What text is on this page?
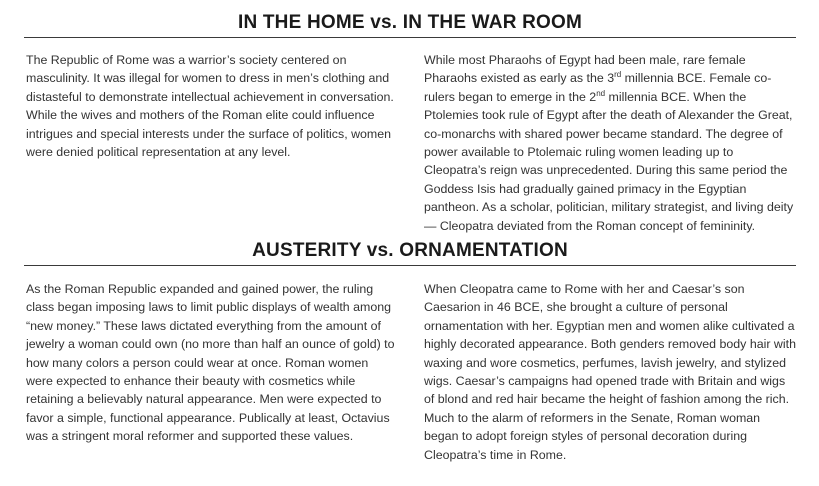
IN THE HOME vs. IN THE WAR ROOM

The Republic of Rome was a warrior’s society centered on masculinity. It was illegal for women to dress in men’s clothing and distasteful to demonstrate intellectual achievement in conversation. While the wives and mothers of the Roman elite could influence intrigues and special interests under the surface of politics, women were denied political representation at any level.

While most Pharaohs of Egypt had been male, rare female Pharaohs existed as early as the 3rd millennia BCE. Female co-rulers began to emerge in the 2nd millennia BCE. When the Ptolemies took rule of Egypt after the death of Alexander the Great, co-monarchs with shared power became standard. The degree of power available to Ptolemaic ruling women leading up to Cleopatra’s reign was unprecedented. During this same period the Goddess Isis had gradually gained primacy in the Egyptian pantheon. As a scholar, politician, military strategist, and living deity — Cleopatra deviated from the Roman concept of femininity.

AUSTERITY vs. ORNAMENTATION

As the Roman Republic expanded and gained power, the ruling class began imposing laws to limit public displays of wealth among “new money.” These laws dictated everything from the amount of jewelry a woman could own (no more than half an ounce of gold) to how many colors a person could wear at once. Roman women were expected to enhance their beauty with cosmetics while retaining a believably natural appearance. Men were expected to favor a simple, functional appearance. Publically at least, Octavius was a stringent moral reformer and supported these values.

When Cleopatra came to Rome with her and Caesar’s son Caesarion in 46 BCE, she brought a culture of personal ornamentation with her. Egyptian men and women alike cultivated a highly decorated appearance. Both genders removed body hair with waxing and wore cosmetics, perfumes, lavish jewelry, and stylized wigs. Caesar’s campaigns had opened trade with Britain and wigs of blond and red hair became the height of fashion among the rich. Much to the alarm of reformers in the Senate, Roman woman began to adopt foreign styles of personal decoration during Cleopatra’s time in Rome.
